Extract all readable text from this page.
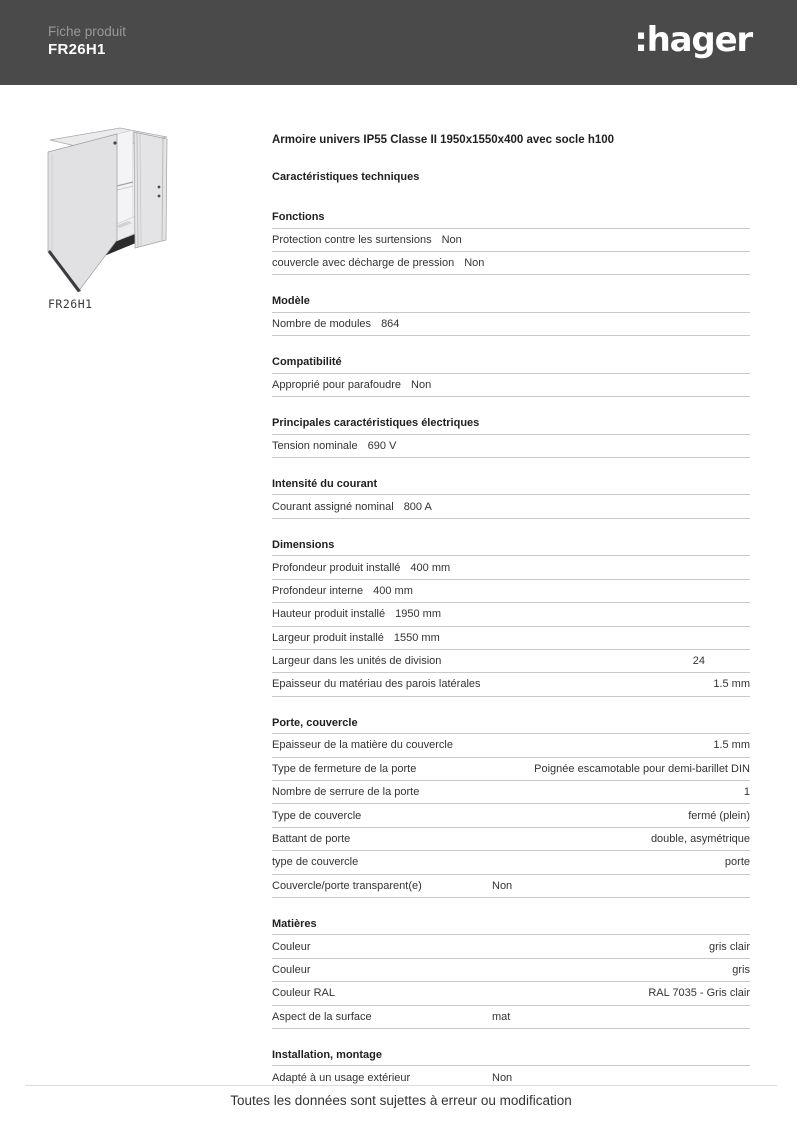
Fiche produit
FR26H1	:hager
FR26H1
Armoire univers IP55 Classe II 1950x1550x400 avec socle h100
Caractéristiques techniques
Fonctions
Protection contre les surtensions Non
couvercle avec décharge de pression Non
Modèle
Nombre de modules 864
Compatibilité
Approprié pour parafoudre Non
Principales caractéristiques électriques
Tension nominale 690 V
Intensité du courant
Courant assigné nominal 800 A
Dimensions
Profondeur produit installé 400 mm
Profondeur interne 400 mm
Hauteur produit installé 1950 mm
Largeur produit installé 1550 mm
Largeur dans les unités de division	24
Epaisseur du matériau des parois latérales	1.5 mm
Porte, couvercle
Epaisseur de la matière du couvercle	1.5 mm
Type de fermeture de la porte	Poignée escamotable pour demi-barillet DIN
Nombre de serrure de la porte	1
Type de couvercle	fermé (plein)
Battant de porte	double, asymétrique
type de couvercle	porte
Couvercle/porte transparent(e)	Non
Matières
Couleur	gris clair
Couleur	gris
Couleur RAL	RAL 7035 - Gris clair
Aspect de la surface	mat
Installation, montage
Adapté à un usage extérieur	Non
Toutes les données sont sujettes à erreur ou modification
